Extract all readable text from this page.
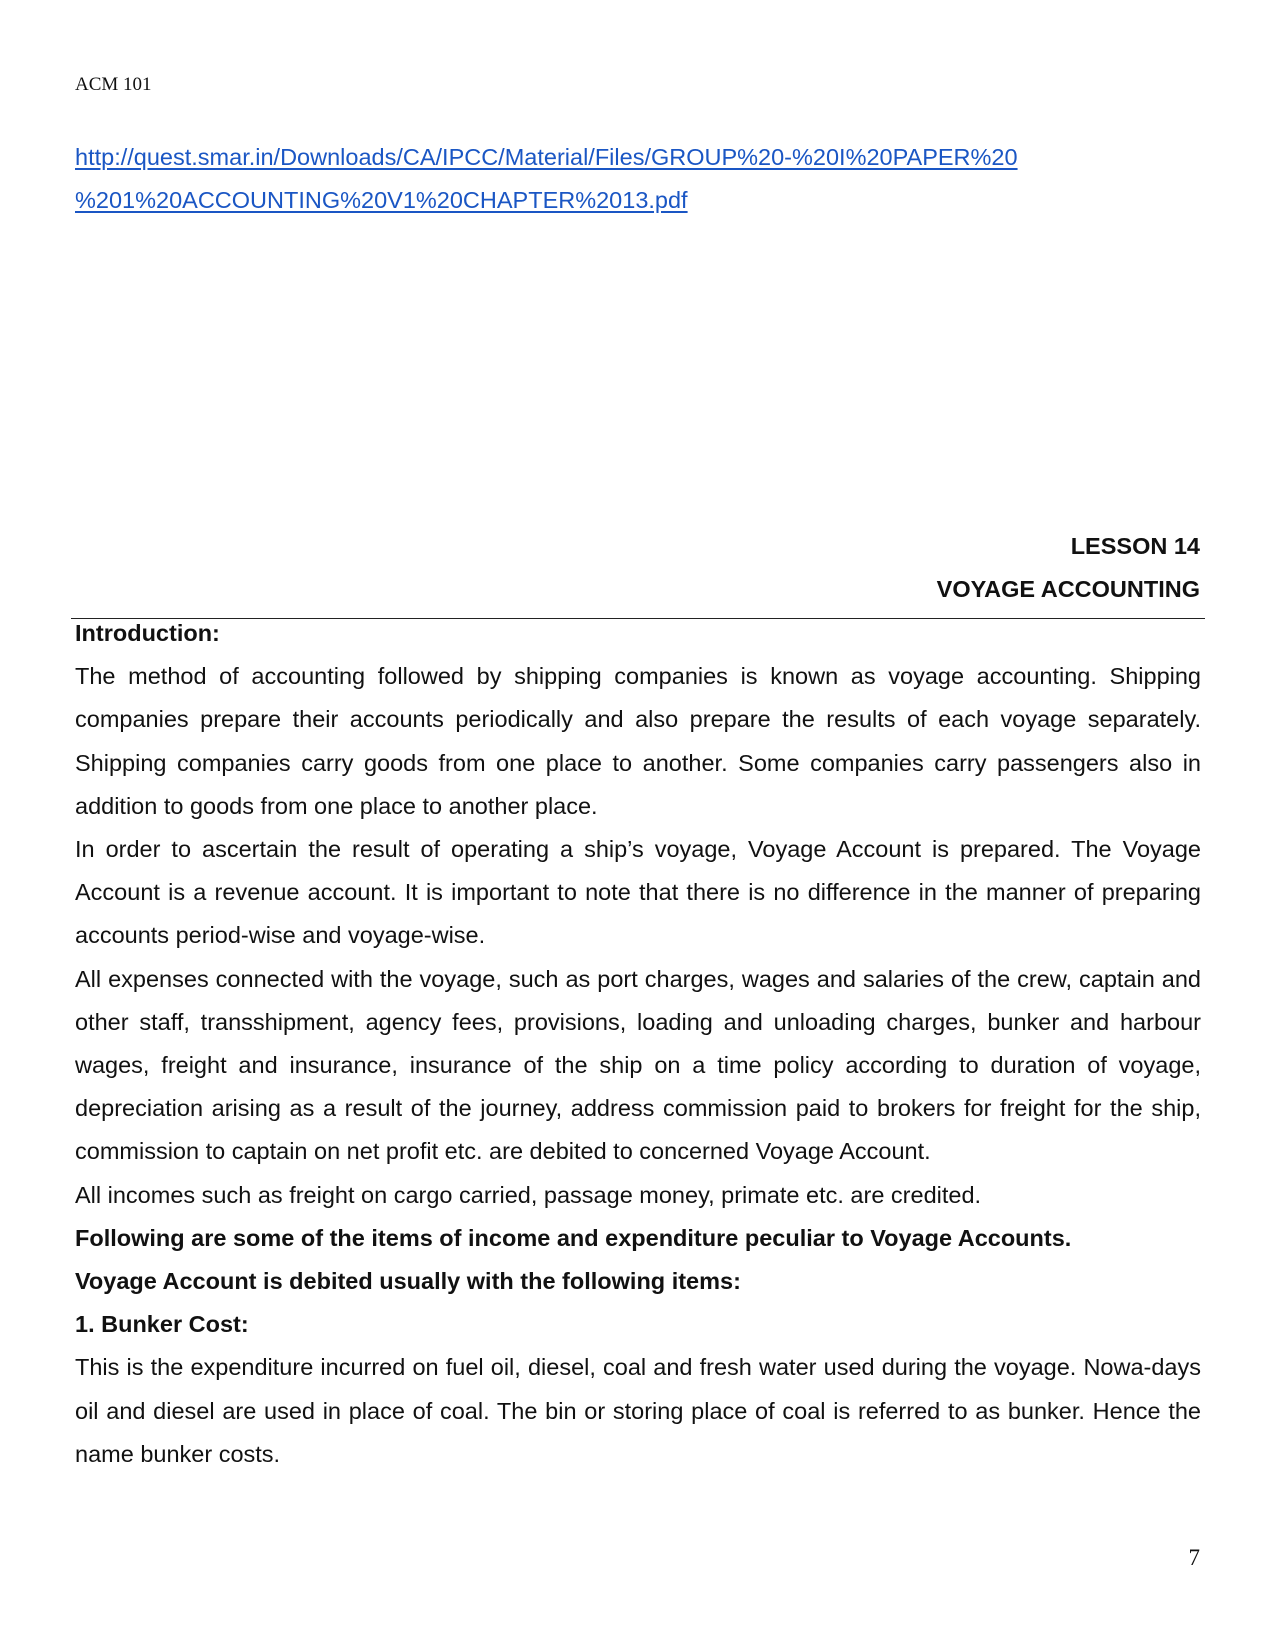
ACM 101
http://quest.smar.in/Downloads/CA/IPCC/Material/Files/GROUP%20-%20I%20PAPER%20
%201%20ACCOUNTING%20V1%20CHAPTER%2013.pdf
LESSON 14
VOYAGE ACCOUNTING

Introduction:

The method of accounting followed by shipping companies is known as voyage accounting. Shipping companies prepare their accounts periodically and also prepare the results of each voyage separately. Shipping companies carry goods from one place to another. Some companies carry passengers also in addition to goods from one place to another place.

In order to ascertain the result of operating a ship’s voyage, Voyage Account is prepared. The Voyage Account is a revenue account. It is important to note that there is no difference in the manner of preparing accounts period-wise and voyage-wise.

All expenses connected with the voyage, such as port charges, wages and salaries of the crew, captain and other staff, transshipment, agency fees, provisions, loading and unloading charges, bunker and harbour wages, freight and insurance, insurance of the ship on a time policy according to duration of voyage, depreciation arising as a result of the journey, address commission paid to brokers for freight for the ship, commission to captain on net profit etc. are debited to concerned Voyage Account.

All incomes such as freight on cargo carried, passage money, primate etc. are credited.

Following are some of the items of income and expenditure peculiar to Voyage Accounts.

Voyage Account is debited usually with the following items:

1. Bunker Cost:

This is the expenditure incurred on fuel oil, diesel, coal and fresh water used during the voyage. Nowa-days oil and diesel are used in place of coal. The bin or storing place of coal is referred to as bunker. Hence the name bunker costs.

7
